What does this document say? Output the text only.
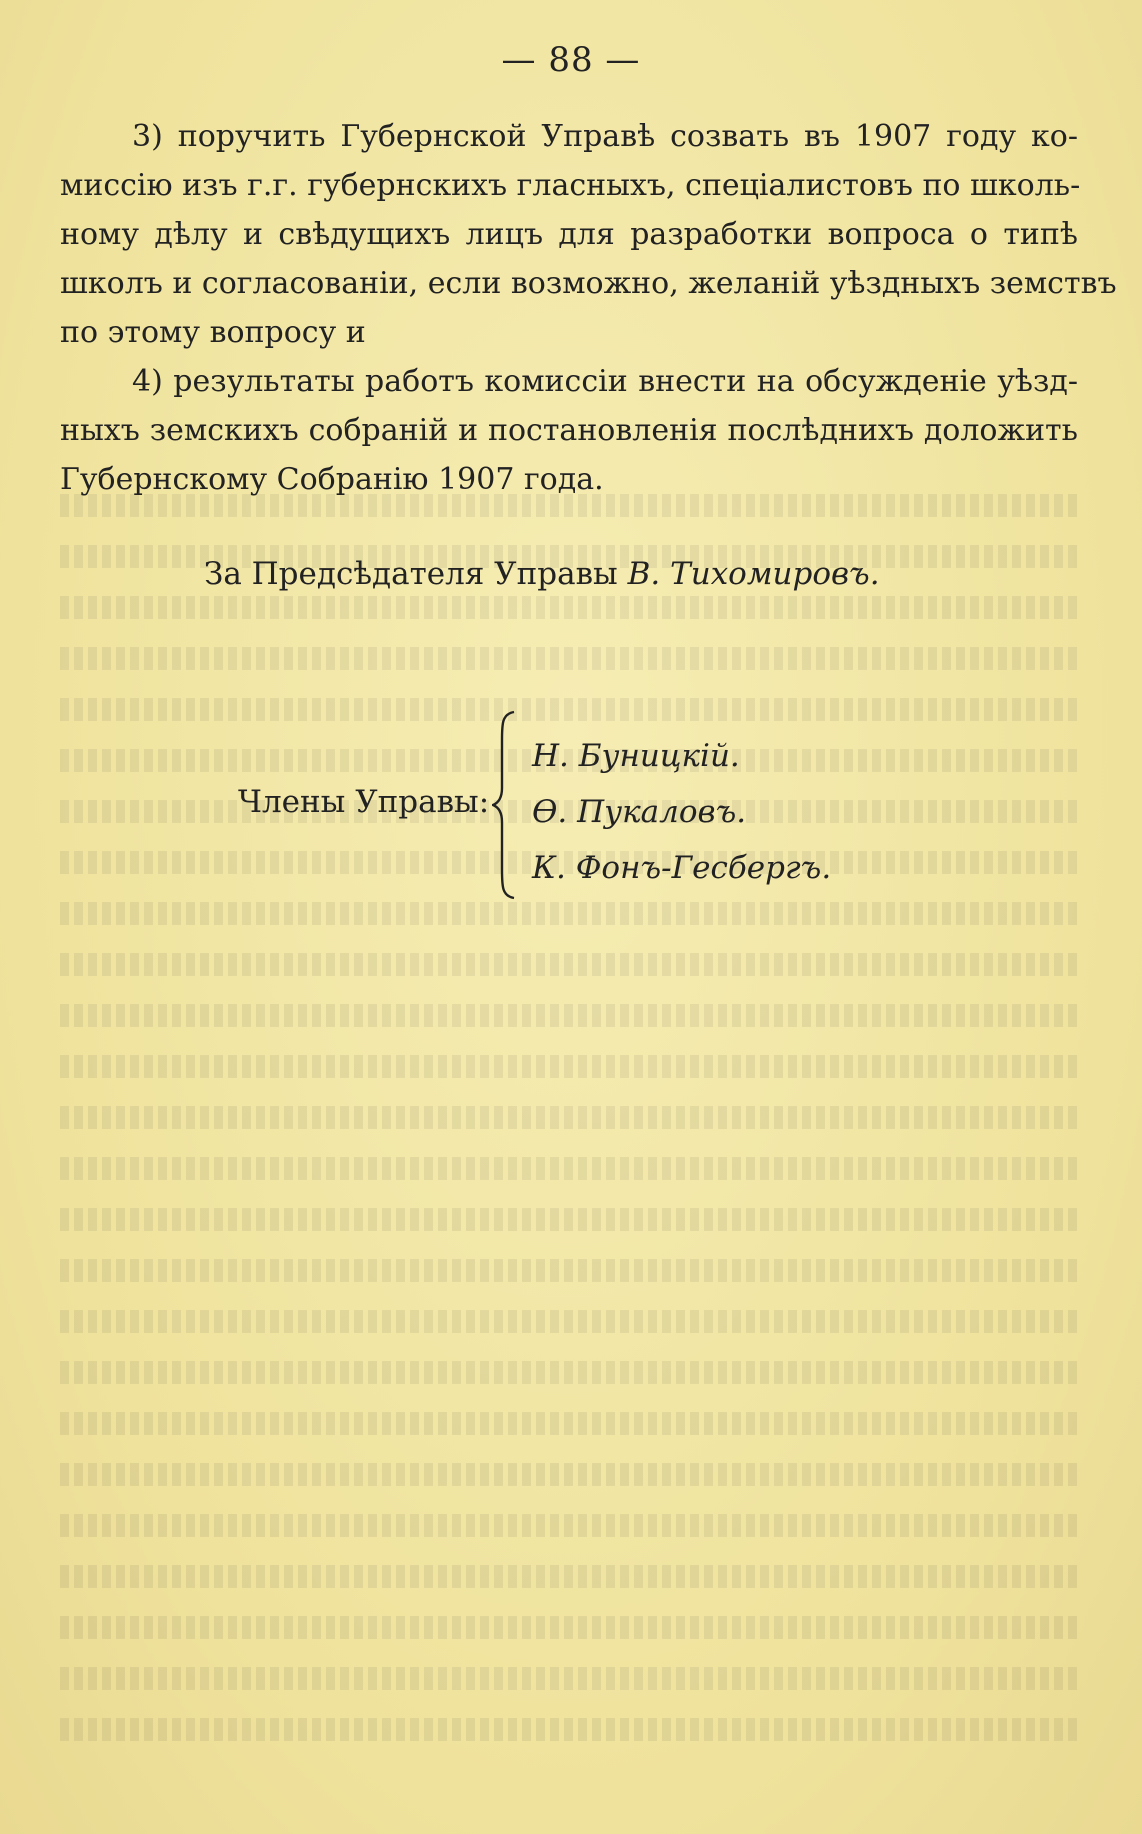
— 88 —

3) поручить Губернской Управѣ созвать въ 1907 году ко-
миссію изъ г.г. губернскихъ гласныхъ, спеціалистовъ по школь-
ному дѣлу и свѣдущихъ лицъ для разработки вопроса о типѣ
школъ и согласованіи, если возможно, желаній уѣздныхъ земствъ
по этому вопросу и

4) результаты работъ комиссіи внести на обсужденіе уѣзд-
ныхъ земскихъ собраній и постановленія послѣднихъ доложить
Губернскому Собранію 1907 года.

За Предсѣдателя Управы В. Тихомировъ.
Члены Управы:
Н. Буницкій.
Ѳ. Пукаловъ.
К. Фонъ-Гесбергъ.
